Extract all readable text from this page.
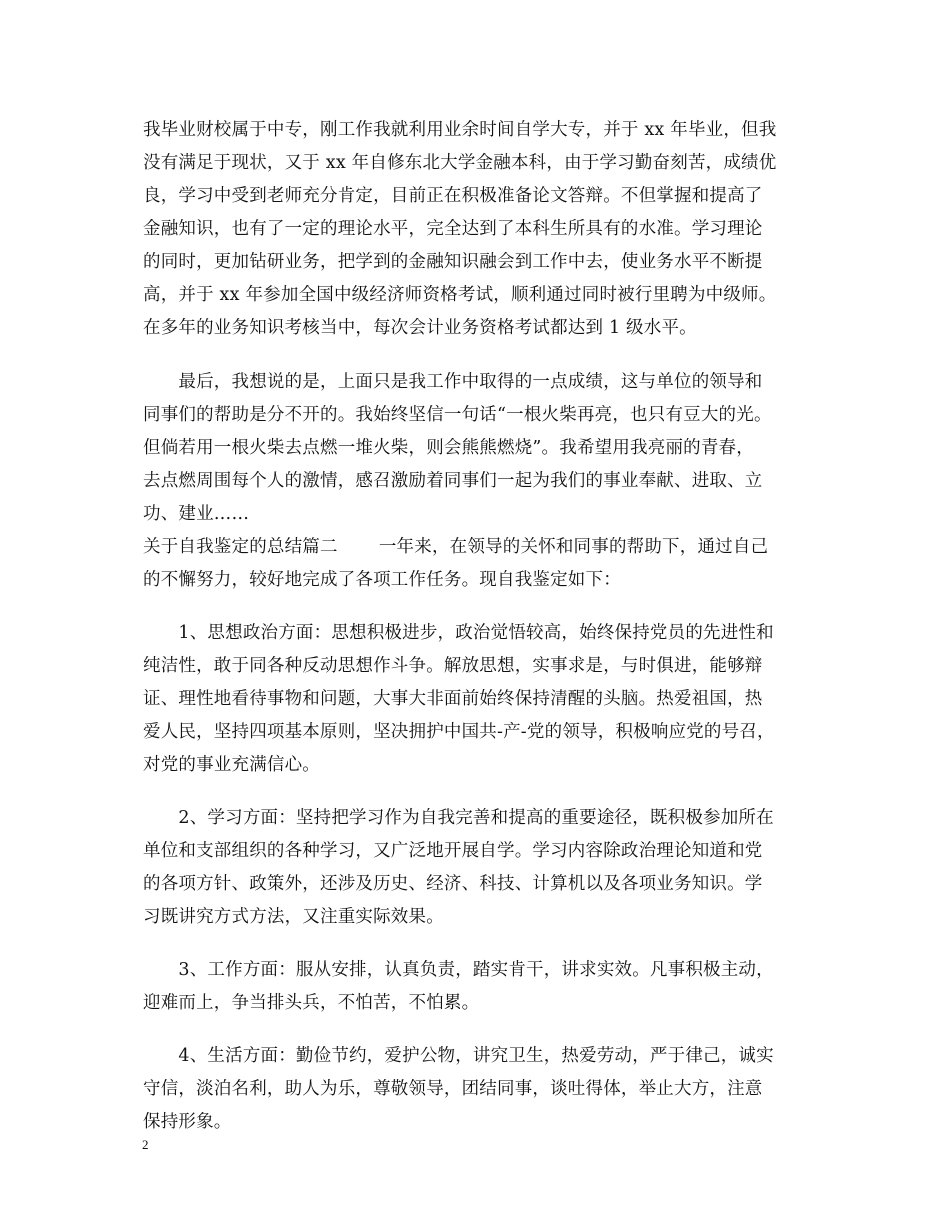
我毕业财校属于中专，刚工作我就利用业余时间自学大专，并于 xx 年毕业，但我
没有满足于现状，又于 xx 年自修东北大学金融本科，由于学习勤奋刻苦，成绩优
良，学习中受到老师充分肯定，目前正在积极准备论文答辩。不但掌握和提高了
金融知识，也有了一定的理论水平，完全达到了本科生所具有的水准。学习理论
的同时，更加钻研业务，把学到的金融知识融会到工作中去，使业务水平不断提
高，并于 xx 年参加全国中级经济师资格考试，顺利通过同时被行里聘为中级师。
在多年的业务知识考核当中，每次会计业务资格考试都达到 1 级水平。
　　最后，我想说的是，上面只是我工作中取得的一点成绩，这与单位的领导和
同事们的帮助是分不开的。我始终坚信一句话“一根火柴再亮，也只有豆大的光。
但倘若用一根火柴去点燃一堆火柴，则会熊熊燃烧”。我希望用我亮丽的青春，
去点燃周围每个人的激情，感召激励着同事们一起为我们的事业奉献、进取、立
功、建业……
关于自我鉴定的总结篇二　　 一年来，在领导的关怀和同事的帮助下，通过自己
的不懈努力，较好地完成了各项工作任务。现自我鉴定如下：
　　1、思想政治方面：思想积极进步，政治觉悟较高，始终保持党员的先进性和
纯洁性，敢于同各种反动思想作斗争。解放思想，实事求是，与时俱进，能够辩
证、理性地看待事物和问题，大事大非面前始终保持清醒的头脑。热爱祖国，热
爱人民，坚持四项基本原则，坚决拥护中国共-产-党的领导，积极响应党的号召，
对党的事业充满信心。
　　2、学习方面：坚持把学习作为自我完善和提高的重要途径，既积极参加所在
单位和支部组织的各种学习，又广泛地开展自学。学习内容除政治理论知道和党
的各项方针、政策外，还涉及历史、经济、科技、计算机以及各项业务知识。学
习既讲究方式方法，又注重实际效果。
　　3、工作方面：服从安排，认真负责，踏实肯干，讲求实效。凡事积极主动，
迎难而上，争当排头兵，不怕苦，不怕累。
　　4、生活方面：勤俭节约，爱护公物，讲究卫生，热爱劳动，严于律己，诚实
守信，淡泊名利，助人为乐，尊敬领导，团结同事，谈吐得体，举止大方，注意
保持形象。
2
